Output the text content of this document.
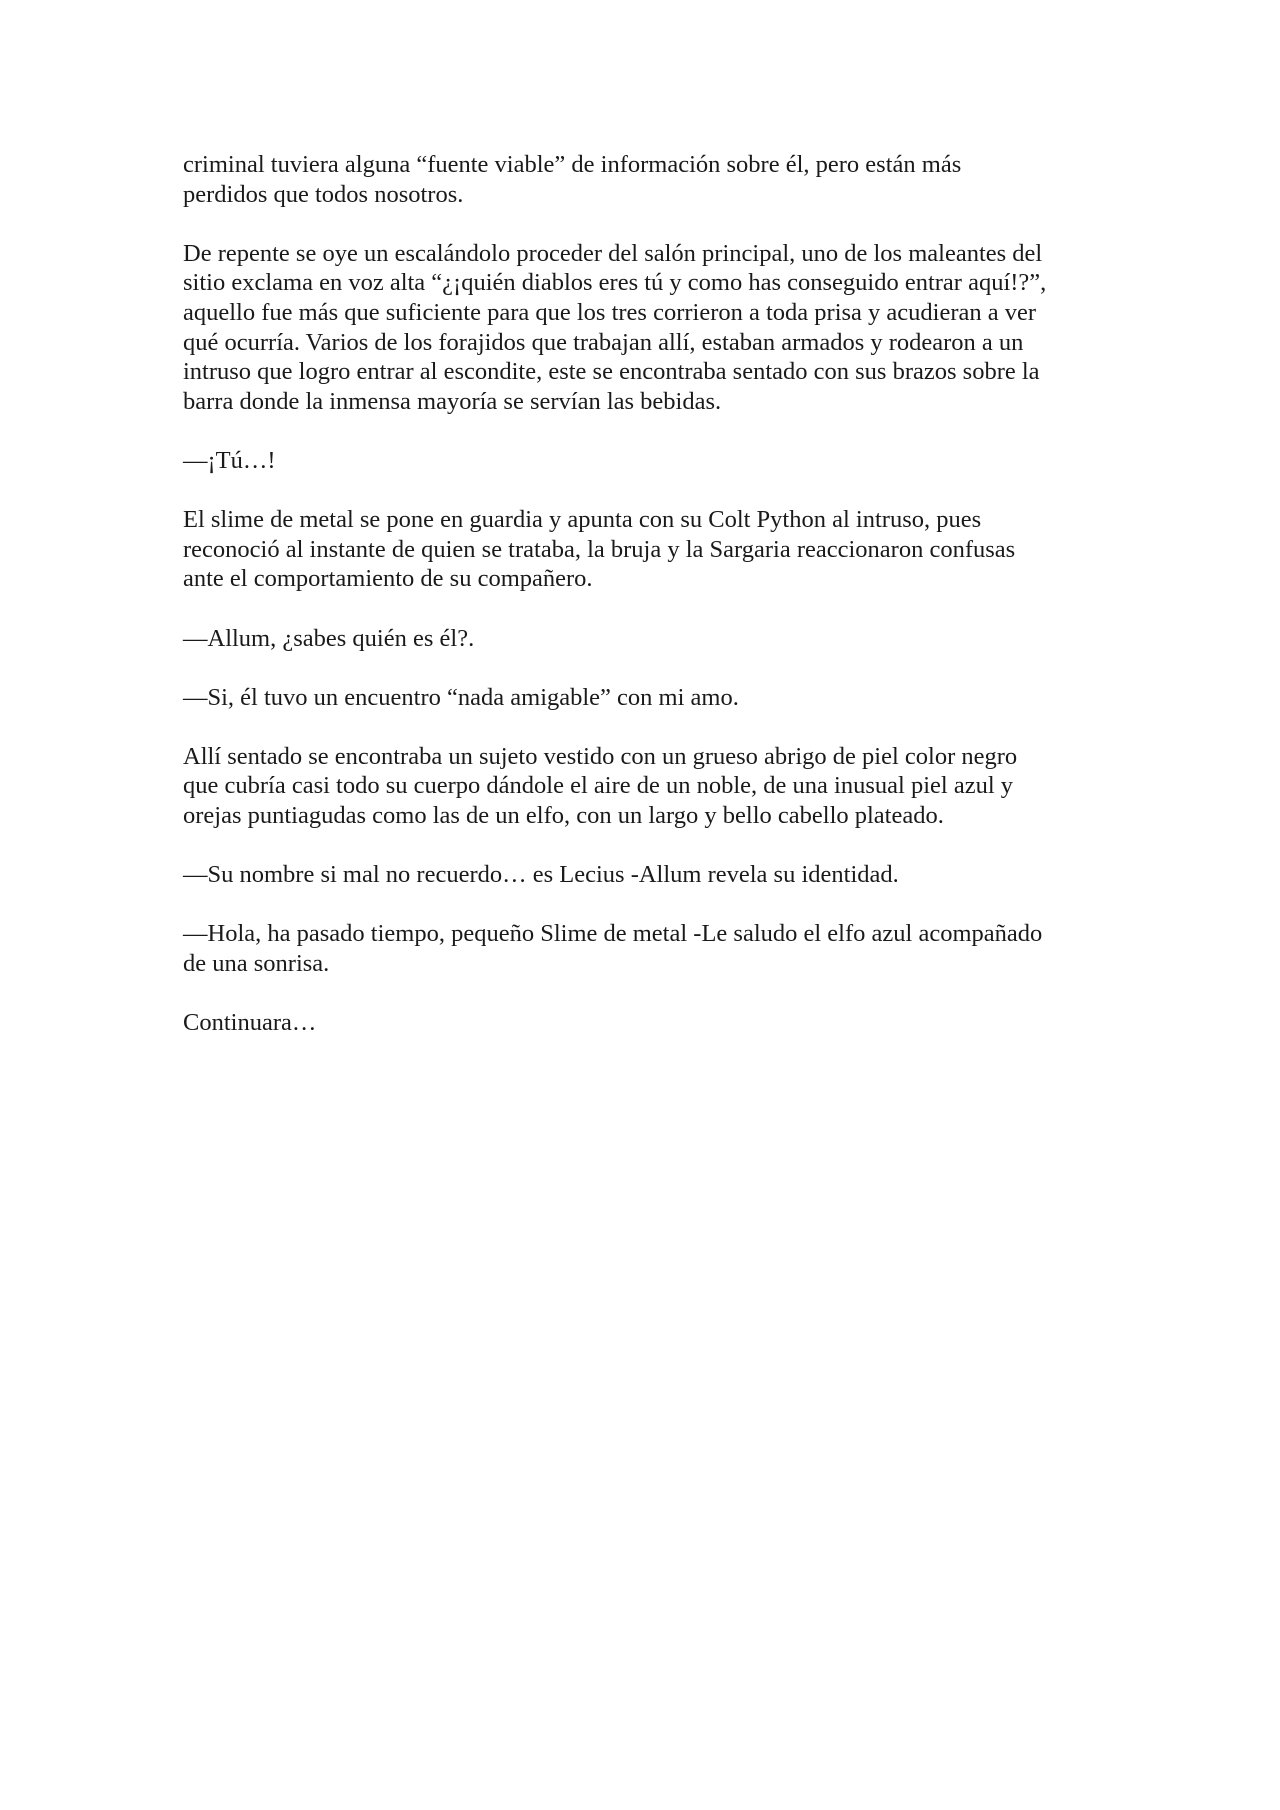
criminal tuviera alguna “fuente viable” de información sobre él, pero están más
perdidos que todos nosotros.

De repente se oye un escalándolo proceder del salón principal, uno de los maleantes del
sitio exclama en voz alta “¿¡quién diablos eres tú y como has conseguido entrar aquí!?”,
aquello fue más que suficiente para que los tres corrieron a toda prisa y acudieran a ver
qué ocurría. Varios de los forajidos que trabajan allí, estaban armados y rodearon a un
intruso que logro entrar al escondite, este se encontraba sentado con sus brazos sobre la
barra donde la inmensa mayoría se servían las bebidas.

—¡Tú…!

El slime de metal se pone en guardia y apunta con su Colt Python al intruso, pues
reconoció al instante de quien se trataba, la bruja y la Sargaria reaccionaron confusas
ante el comportamiento de su compañero.

—Allum, ¿sabes quién es él?.

—Si, él tuvo un encuentro “nada amigable” con mi amo.

Allí sentado se encontraba un sujeto vestido con un grueso abrigo de piel color negro
que cubría casi todo su cuerpo dándole el aire de un noble, de una inusual piel azul y
orejas puntiagudas como las de un elfo, con un largo y bello cabello plateado.

—Su nombre si mal no recuerdo… es Lecius -Allum revela su identidad.

—Hola, ha pasado tiempo, pequeño Slime de metal -Le saludo el elfo azul acompañado
de una sonrisa.

Continuara…
